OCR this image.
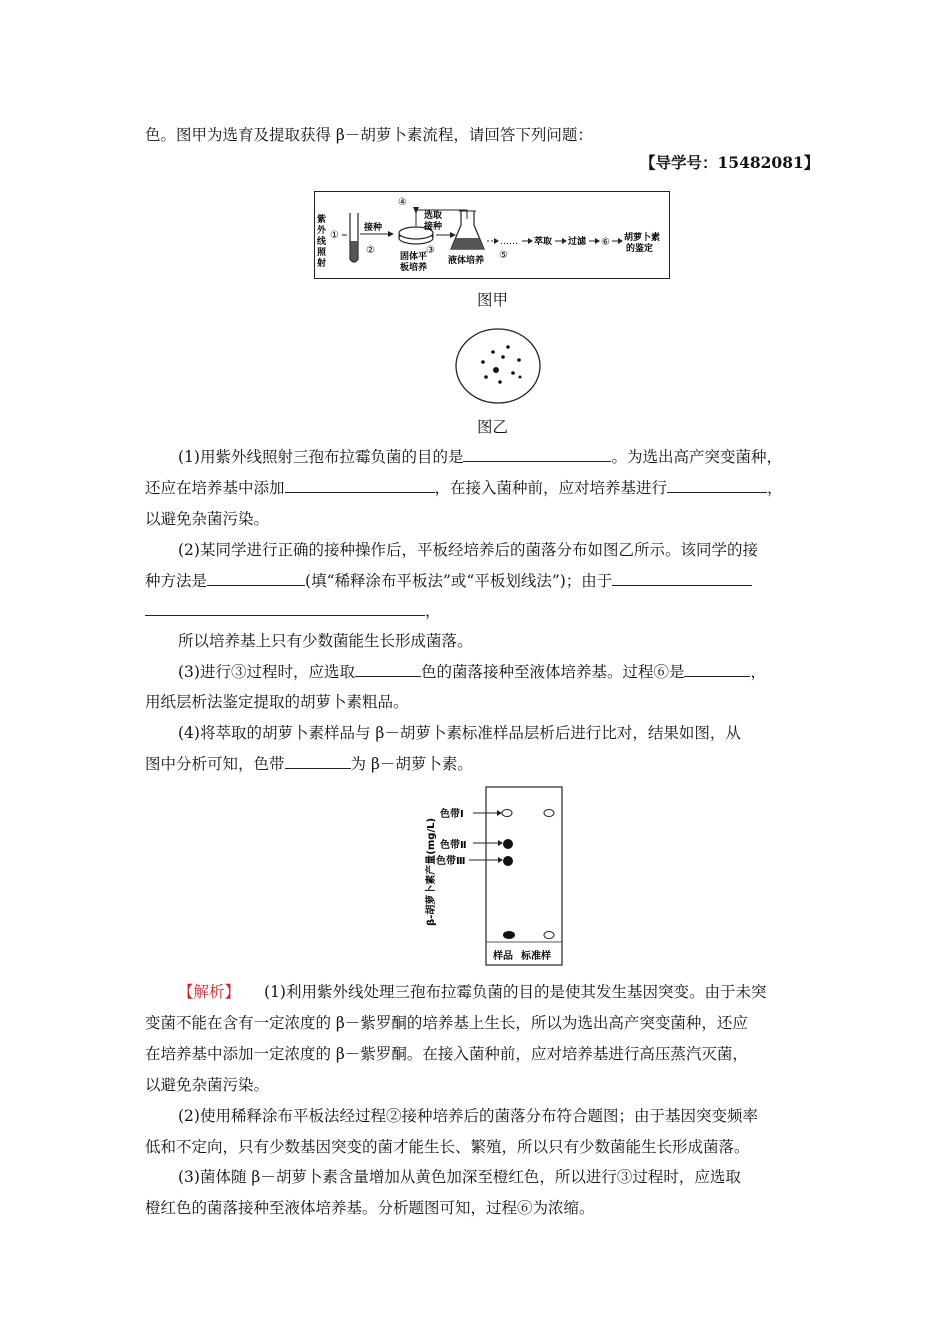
色。图甲为选育及提取获得 β－胡萝卜素流程，请回答下列问题：
【导学号：15482081】
紫
外
线
照
射
①
接种
②
固体平
板培养
④
选取
接种
③
液体培养
……
⑤
萃取 过滤 ⑥ 胡萝卜素
的鉴定
图甲
图乙
(1)用紫外线照射三孢布拉霉负菌的目的是	。为选出高产突变菌种，
还应在培养基中添加	，在接入菌种前，应对培养基进行	，
以避免杂菌污染。
(2)某同学进行正确的接种操作后，平板经培养后的菌落分布如图乙所示。该同学的接
种方法是	(填“稀释涂布平板法”或“平板划线法”)；由于
，
所以培养基上只有少数菌能生长形成菌落。
(3)进行③过程时，应选取	色的菌落接种至液体培养基。过程⑥是	，
用纸层析法鉴定提取的胡萝卜素粗品。
(4)将萃取的胡萝卜素样品与 β－胡萝卜素标准样品层析后进行比对，结果如图，从
图中分析可知，色带	为 β－胡萝卜素。
β-胡萝卜素产量(mg/L)
色带Ⅰ
色带Ⅱ
色带Ⅲ
样品 标准样
【解析】 (1)利用紫外线处理三孢布拉霉负菌的目的是使其发生基因突变。由于未突
变菌不能在含有一定浓度的 β－紫罗酮的培养基上生长，所以为选出高产突变菌种，还应
在培养基中添加一定浓度的 β－紫罗酮。在接入菌种前，应对培养基进行高压蒸汽灭菌，
以避免杂菌污染。
(2)使用稀释涂布平板法经过程②接种培养后的菌落分布符合题图；由于基因突变频率
低和不定向，只有少数基因突变的菌才能生长、繁殖，所以只有少数菌能生长形成菌落。
(3)菌体随 β－胡萝卜素含量增加从黄色加深至橙红色，所以进行③过程时，应选取
橙红色的菌落接种至液体培养基。分析题图可知，过程⑥为浓缩。
